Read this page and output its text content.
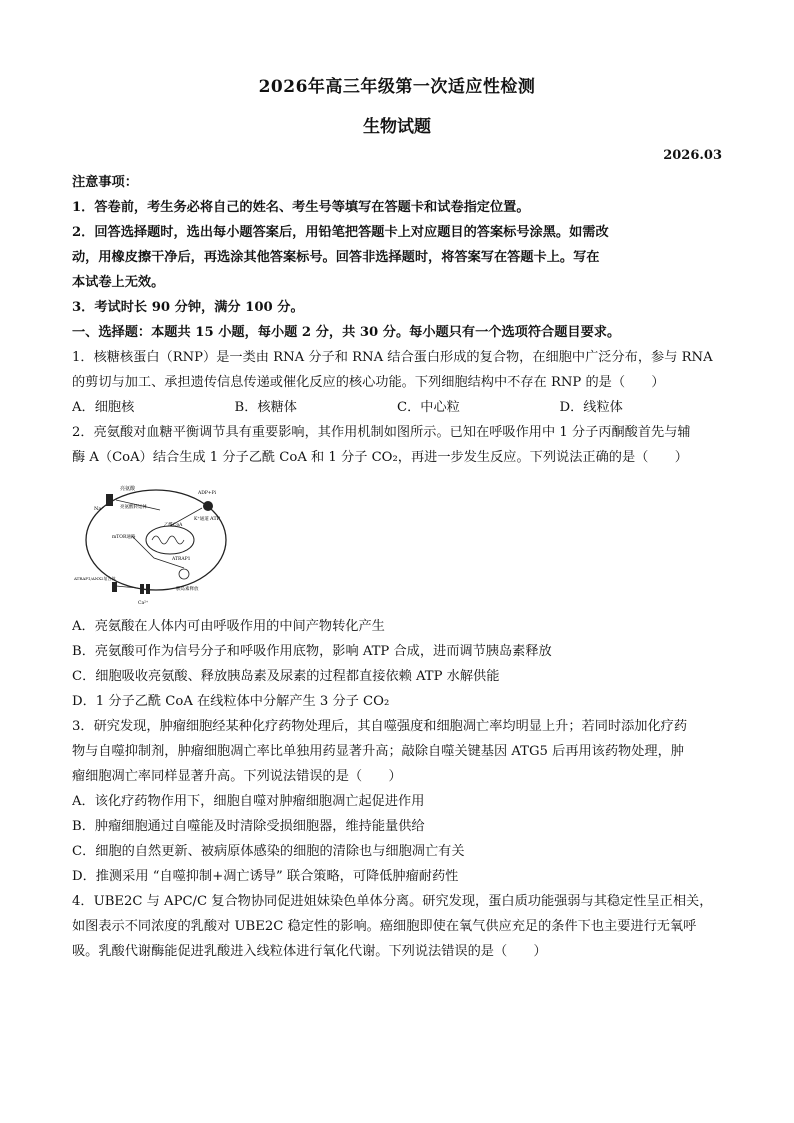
2026年高三年级第一次适应性检测
生物试题
2026.03
注意事项：
1．答卷前，考生务必将自己的姓名、考生号等填写在答题卡和试卷指定位置。
2．回答选择题时，选出每小题答案后，用铅笔把答题卡上对应题目的答案标号涂黑。如需改
动，用橡皮擦干净后，再选涂其他答案标号。回答非选择题时，将答案写在答题卡上。写在
本试卷上无效。
3．考试时长 90 分钟，满分 100 分。
一、选择题：本题共 15 小题，每小题 2 分，共 30 分。每小题只有一个选项符合题目要求。
1．核糖核蛋白（RNP）是一类由 RNA 分子和 RNA 结合蛋白形成的复合物，在细胞中广泛分布，参与 RNA
的剪切与加工、承担遗传信息传递或催化反应的核心功能。下列细胞结构中不存在 RNP 的是（　　）
A．细胞核	B．核糖体	C．中心粒	D．线粒体
2．亮氨酸对血糖平衡调节具有重要影响，其作用机制如图所示。已知在呼吸作用中 1 分子丙酮酸首先与辅
酶 A（CoA）结合生成 1 分子乙酰 CoA 和 1 分子 CO₂，再进一步发生反应。下列说法正确的是（　　）
亮氨酸
Na⁺	亮氨酸转运体
乙酰CoA
mTOR通路
ATP
ADP+Pi
K⁺通道
ATRAP1
胰岛素释放
Ca²⁺
ATRAP1/ANX2复合体
A．亮氨酸在人体内可由呼吸作用的中间产物转化产生
B．亮氨酸可作为信号分子和呼吸作用底物，影响 ATP 合成，进而调节胰岛素释放
C．细胞吸收亮氨酸、释放胰岛素及尿素的过程都直接依赖 ATP 水解供能
D．1 分子乙酰 CoA 在线粒体中分解产生 3 分子 CO₂
3．研究发现，肿瘤细胞经某种化疗药物处理后，其自噬强度和细胞凋亡率均明显上升；若同时添加化疗药
物与自噬抑制剂，肿瘤细胞凋亡率比单独用药显著升高；敲除自噬关键基因 ATG5 后再用该药物处理，肿
瘤细胞凋亡率同样显著升高。下列说法错误的是（　　）
A．该化疗药物作用下，细胞自噬对肿瘤细胞凋亡起促进作用
B．肿瘤细胞通过自噬能及时清除受损细胞器，维持能量供给
C．细胞的自然更新、被病原体感染的细胞的清除也与细胞凋亡有关
D．推测采用 “自噬抑制+凋亡诱导” 联合策略，可降低肿瘤耐药性
4．UBE2C 与 APC/C 复合物协同促进姐妹染色单体分离。研究发现，蛋白质功能强弱与其稳定性呈正相关，
如图表示不同浓度的乳酸对 UBE2C 稳定性的影响。癌细胞即使在氧气供应充足的条件下也主要进行无氧呼
吸。乳酸代谢酶能促进乳酸进入线粒体进行氧化代谢。下列说法错误的是（　　）
